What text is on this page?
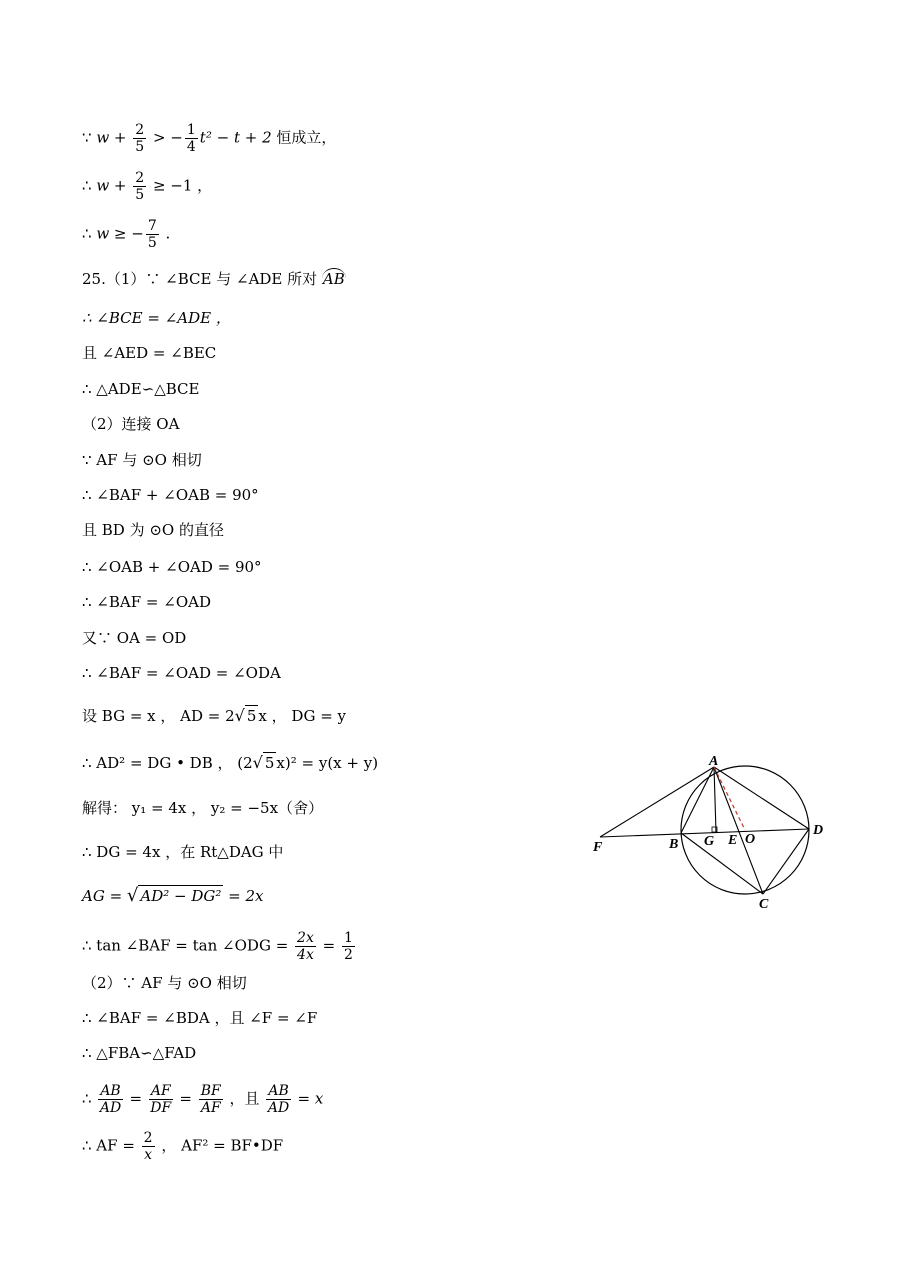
∵ $w + \frac{2}{5}$ > − $\frac{1}{4} t^2 - t + 2$ 恒成立，
∴ $w + \frac{2}{5} \ge -1$ ，
∴ w ≥ − $\frac{7}{5}$ .
25.（1）∵ ∠BCE 与 ∠ADE 所对 AB
∴ ∠BCE = ∠ADE ，
且 ∠AED = ∠BEC
∴ △ADE∽△BCE
（2）连接 OA
∵ AF 与 ⊙O 相切
∴ ∠BAF + ∠OAB = 90°
且 BD 为 ⊙O 的直径
∴ ∠OAB + ∠OAD = 90°
∴ ∠BAF = ∠OAD
又∵ OA = OD
∴ ∠BAF = ∠OAD = ∠ODA
设 BG = x ， AD = 2√ 5 x ， DG = y
∴ AD² = DG • DB ， (2√ 5 x)² = y(x + y)
解得： y₁ = 4x ， y₂ = −5x（舍）
∴ DG = 4x ，在 Rt△DAG 中
AG = √ AD² − DG² = 2x
∴ tan ∠BAF = tan ∠ODG = $\frac{2x}{4x} = \frac{1}{2}$
（2）∵ AF 与 ⊙O 相切
∴ ∠BAF = ∠BDA ，且 ∠F = ∠F
∴ △FBA∽△FAD
∴ $\frac{AB}{AD} = \frac{AF}{DF} = \frac{BF}{AF}$ ，且 $\frac{AB}{AD} = x$
∴ AF = $\frac{2}{x}$ ， AF² = BF•DF
A
B
C
D
E
F	G O
